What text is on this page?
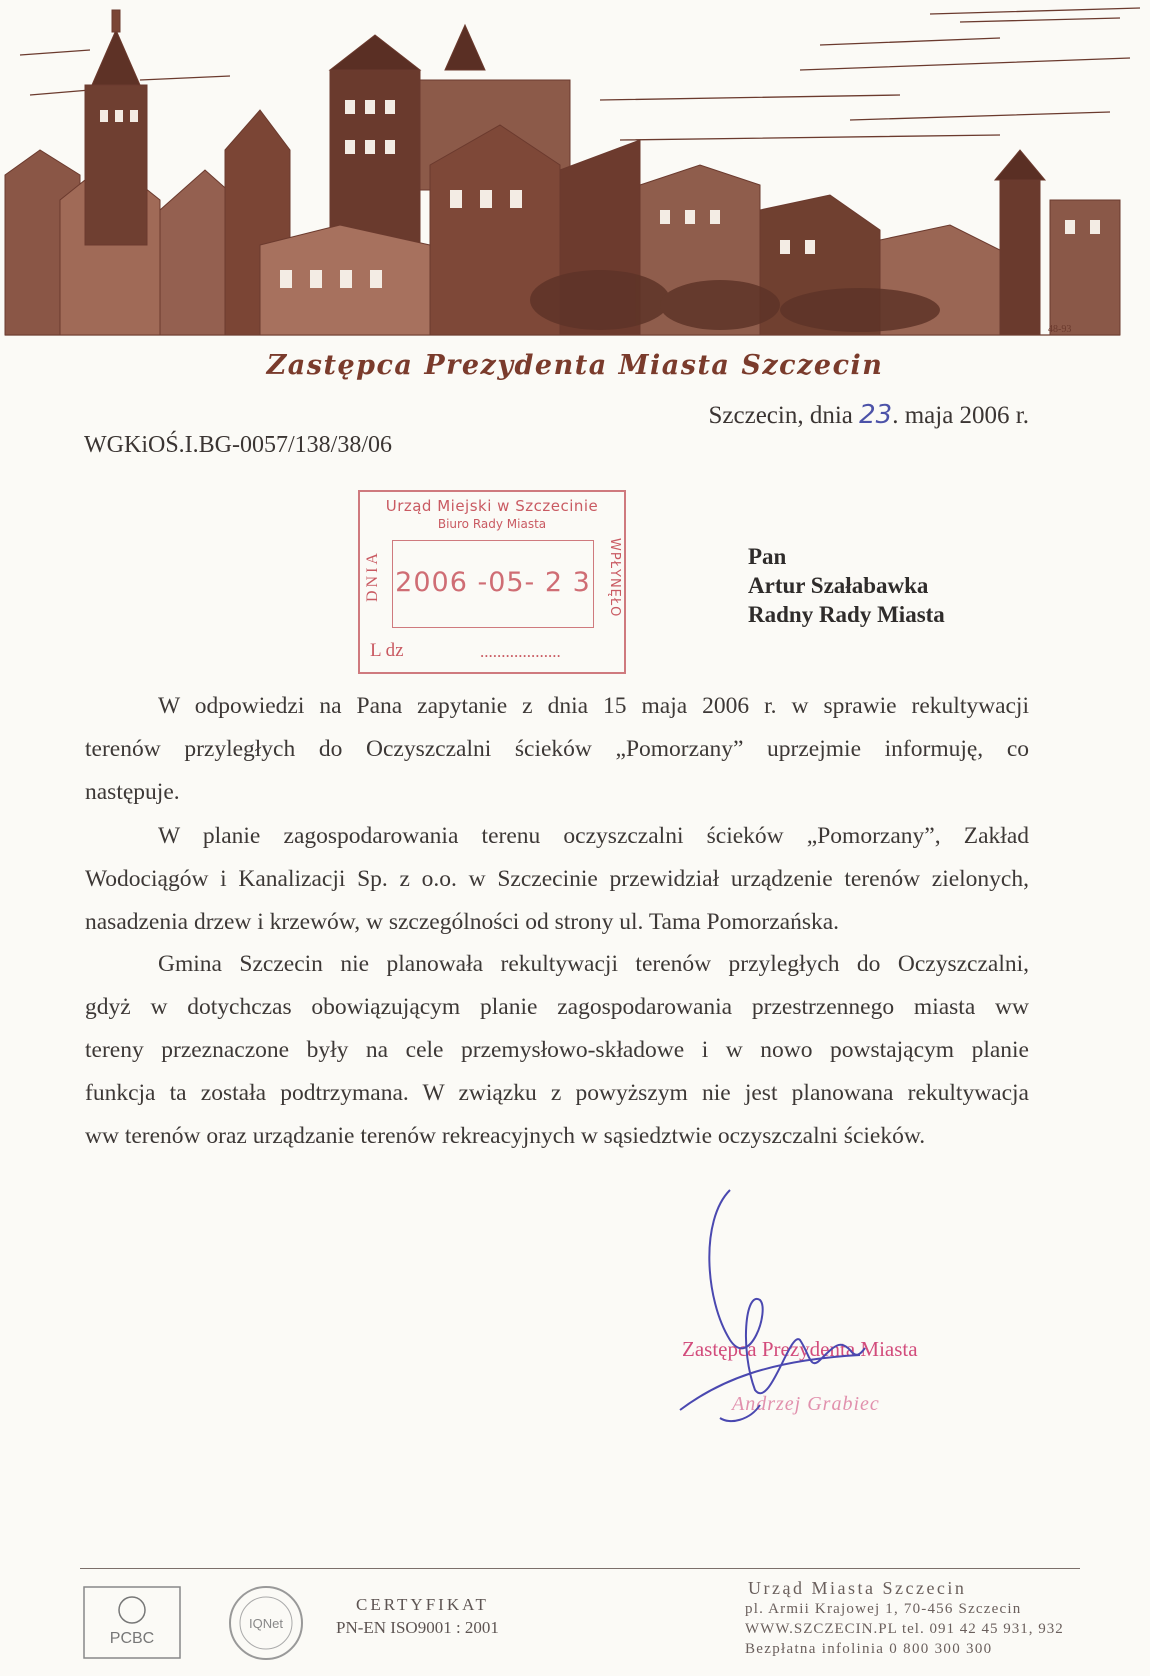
48-93
Zastępca Prezydenta Miasta Szczecin
Szczecin, dnia 23. maja 2006 r.
WGKiOŚ.I.BG-0057/138/38/06
Urząd Miejski w Szczecinie
Biuro Rady Miasta
DNIA 2006 -05- 2 3 WPŁYNĘŁO
L dz	...................
Pan
Artur Szałabawka
Radny Rady Miasta
W odpowiedzi na Pana zapytanie z dnia 15 maja 2006 r. w sprawie rekultywacji
terenów przyległych do Oczyszczalni ścieków „Pomorzany” uprzejmie informuję, co
następuje.
W planie zagospodarowania terenu oczyszczalni ścieków „Pomorzany”, Zakład
Wodociągów i Kanalizacji Sp. z o.o. w Szczecinie przewidział urządzenie terenów zielonych,
nasadzenia drzew i krzewów, w szczególności od strony ul. Tama Pomorzańska.
Gmina Szczecin nie planowała rekultywacji terenów przyległych do Oczyszczalni,
gdyż w dotychczas obowiązującym planie zagospodarowania przestrzennego miasta ww
tereny przeznaczone były na cele przemysłowo-składowe i w nowo powstającym planie
funkcja ta została podtrzymana. W związku z powyższym nie jest planowana rekultywacja
ww terenów oraz urządzanie terenów rekreacyjnych w sąsiedztwie oczyszczalni ścieków.
Zastępca Prezydenta Miasta
Andrzej Grabiec
PCBC
IQNet
CERTYFIKAT
PN-EN ISO9001 : 2001
Urząd Miasta Szczecin
pl. Armii Krajowej 1, 70-456 Szczecin
WWW.SZCZECIN.PL tel. 091 42 45 931, 932
Bezpłatna infolinia 0 800 300 300
